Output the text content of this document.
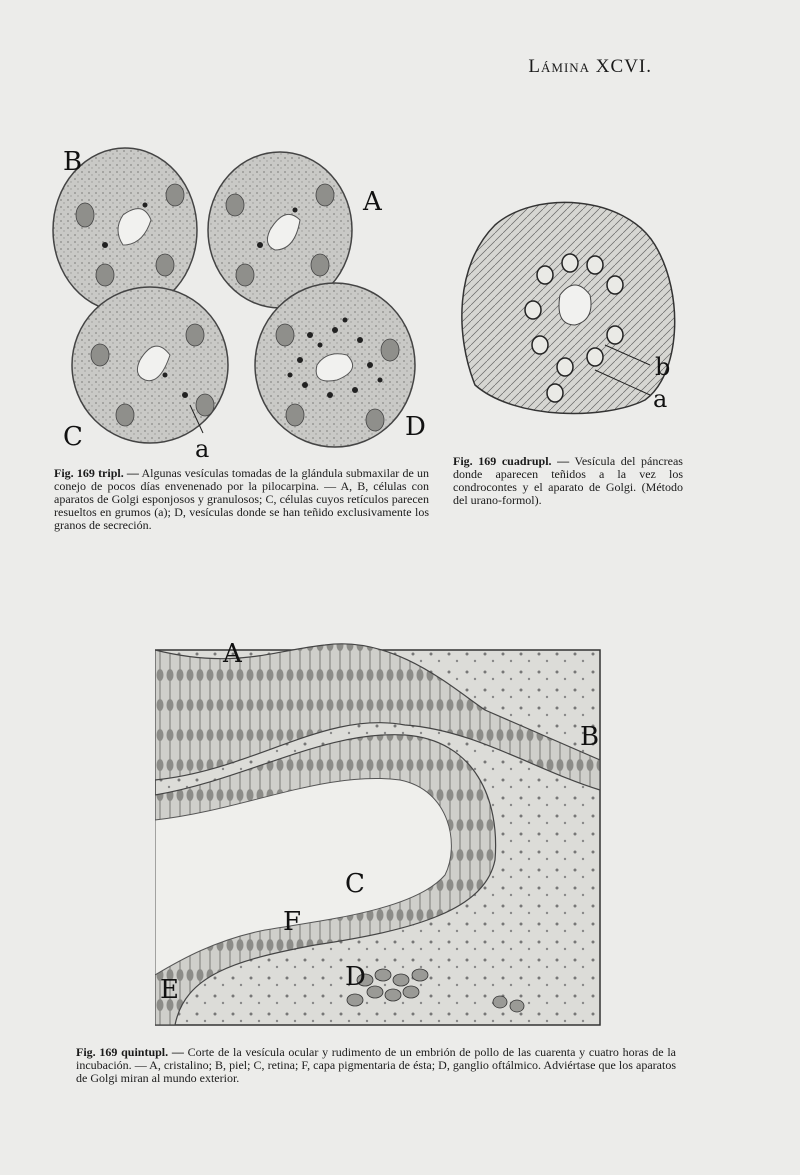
Lámina XCVI.
B
A
C	D
a
Fig. 169 tripl. — Algunas vesículas tomadas de la glándula submaxilar de un conejo de pocos días envenenado por la pilocarpina. — A, B, células con aparatos de Golgi esponjosos y granulosos; C, células cuyos retículos parecen resueltos en grumos (a); D, vesículas donde se han teñido exclusivamente los granos de secreción.
b
a
Fig. 169 cuadrupl. — Vesícula del páncreas donde aparecen teñidos a la vez los condrocontes y el aparato de Golgi. (Método del urano-formol).
A
B
C
D
E
F
Fig. 169 quintupl. — Corte de la vesícula ocular y rudimento de un embrión de pollo de las cuarenta y cuatro horas de la incubación. — A, cristalino; B, piel; C, retina; F, capa pigmentaria de ésta; D, ganglio oftálmico. Adviértase que los aparatos de Golgi miran al mundo exterior.
